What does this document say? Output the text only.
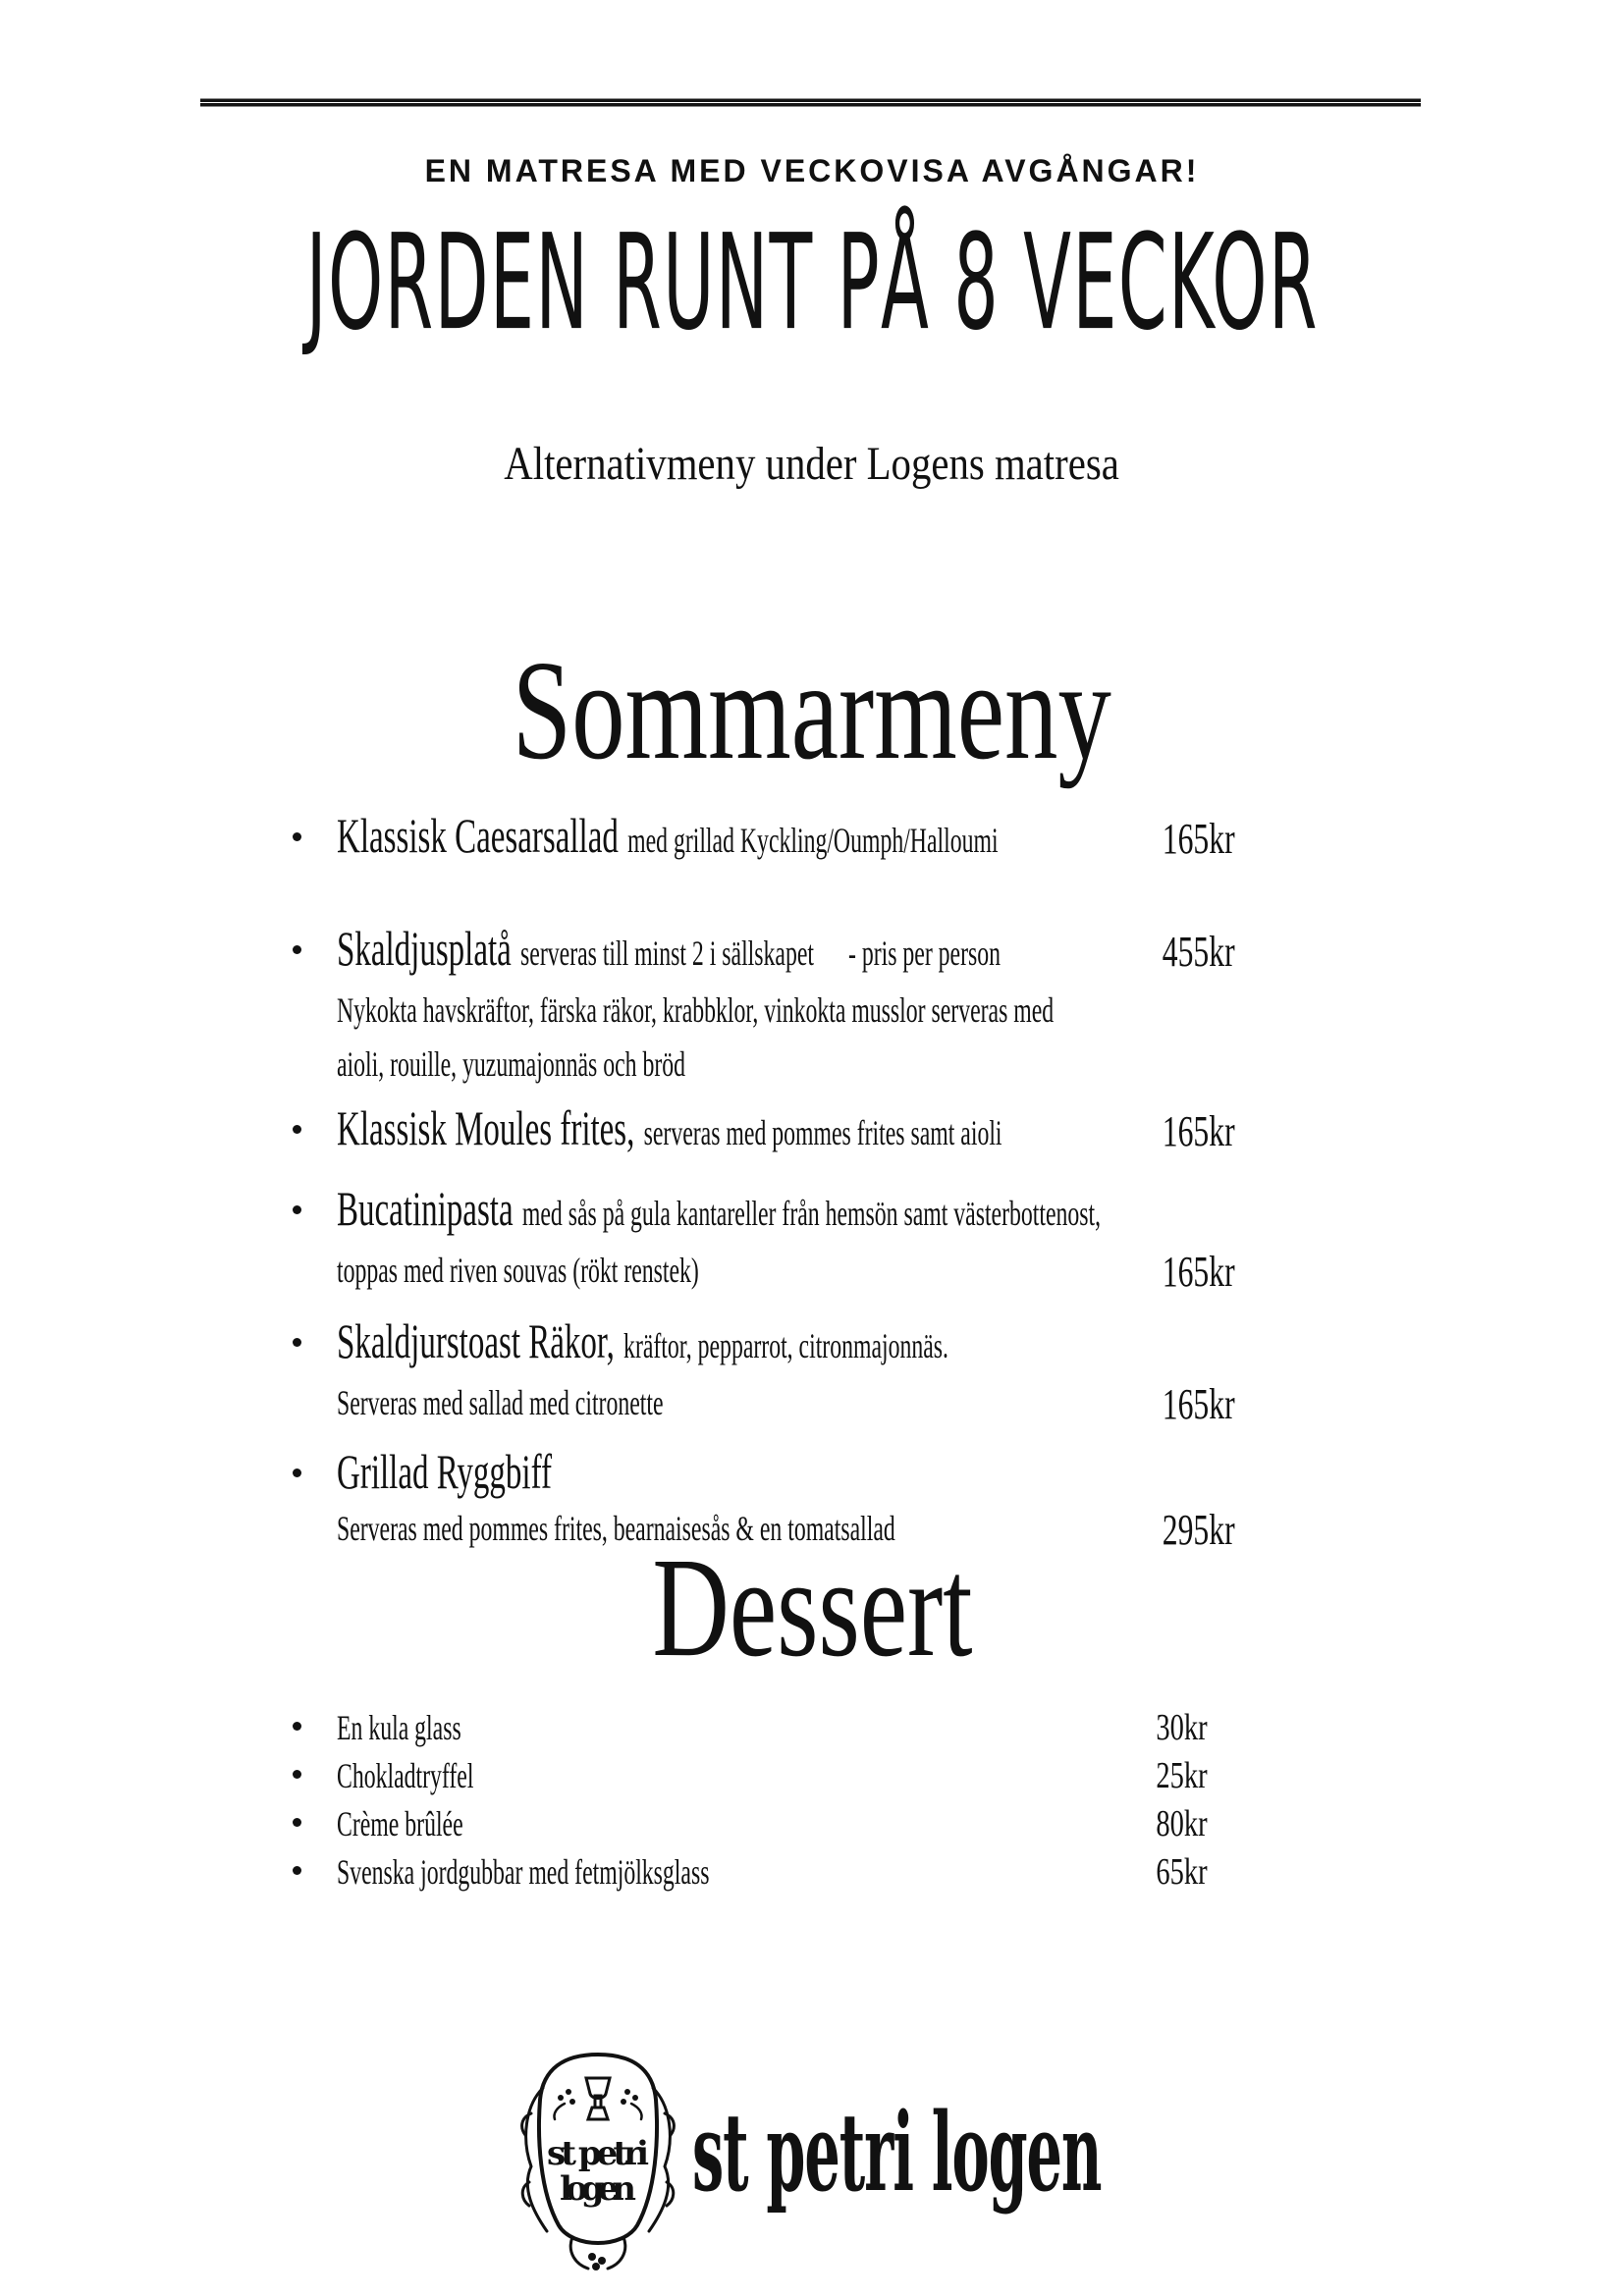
EN MATRESA MED VECKOVISA AVGÅNGAR!
JORDEN RUNT PÅ 8 VECKOR
Alternativmeny under Logens matresa
Sommarmeny
Klassisk Caesarsallad med grillad Kyckling/Oumph/Halloumi	165kr
Skaldjusplatå serveras till minst 2 i sällskapet - pris per person	455kr
Nykokta havskräftor, färska räkor, krabbklor, vinkokta musslor serveras med
aioli, rouille, yuzumajonnäs och bröd
Klassisk Moules frites, serveras med pommes frites samt aioli	165kr
Bucatinipasta med sås på gula kantareller från hemsön samt västerbottenost,
toppas med riven souvas (rökt renstek)	165kr
Skaldjurstoast Räkor, kräftor, pepparrot, citronmajonnäs.
Serveras med sallad med citronette	165kr
Grillad Ryggbiff
Serveras med pommes frites, bearnaisesås & en tomatsallad	295kr
En kula glass	30kr
Chokladtryffel	25kr
Crème brûlée	80kr
Svenska jordgubbar med fetmjölksglass	65kr
Dessert
st petri
logen st petri logen
